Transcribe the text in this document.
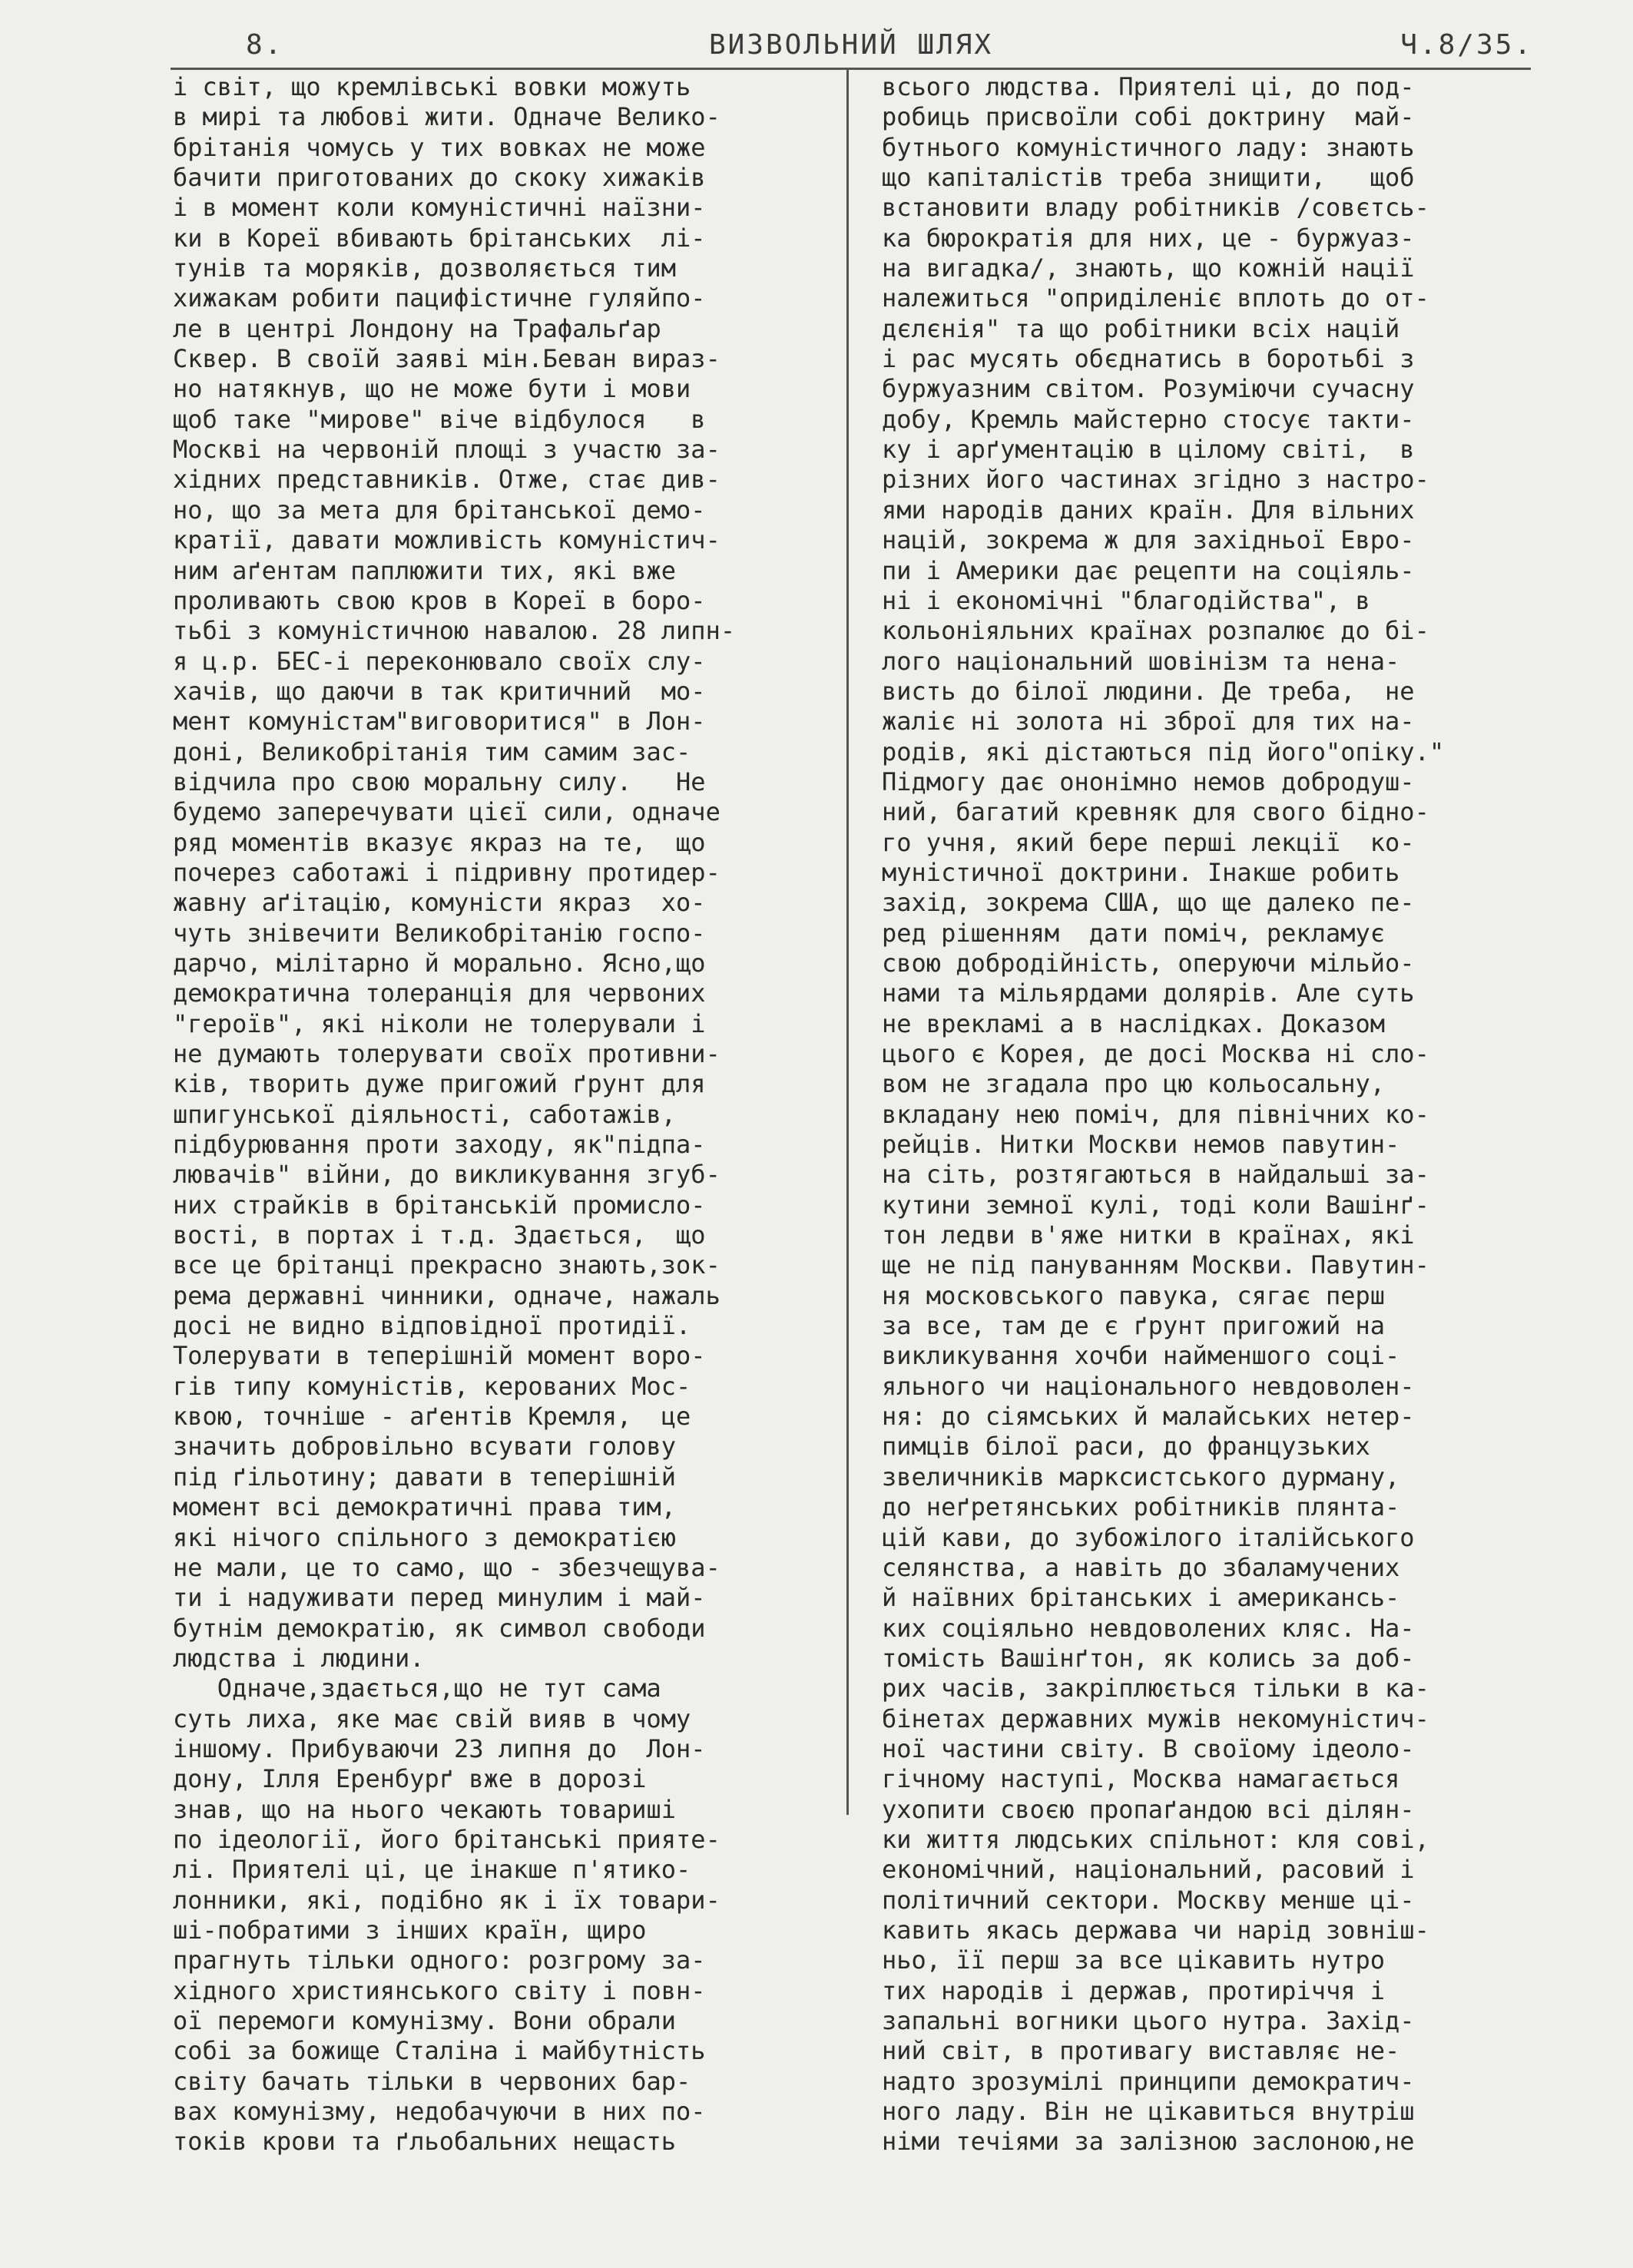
8.	ВИЗВОЛЬНИЙ ШЛЯХ	Ч.8/35.
і світ, що кремлівські вовки можуть
в мирі та любові жити. Одначе Велико-
брітанія чомусь у тих вовках не може
бачити приготованих до скоку хижаків
і в момент коли комуністичні наїзни-
ки в Кореї вбивають брітанських  лі-
тунів та моряків, дозволяється тим
хижакам робити пацифістичне гуляйпо-
ле в центрі Лондону на Трафальґар
Сквер. В своїй заяві мін.Беван вираз-
но натякнув, що не може бути і мови
щоб таке "мирове" віче відбулося   в
Москві на червоній площі з участю за-
хідних представників. Отже, стає див-
но, що за мета для брітанської демо-
кратії, давати можливість комуністич-
ним аґентам паплюжити тих, які вже
проливають свою кров в Кореї в боро-
тьбі з комуністичною навалою. 28 липн-
я ц.р. БЕС-і переконювало своїх слу-
хачів, що даючи в так критичний  мо-
мент комуністам"виговоритися" в Лон-
доні, Великобрітанія тим самим зас-
відчила про свою моральну силу.   Не
будемо заперечувати цієї сили, одначе
ряд моментів вказує якраз на те,  що
почерез саботажі і підривну протидер-
жавну аґітацію, комуністи якраз  хо-
чуть знівечити Великобрітанію госпо-
дарчо, мілітарно й морально. Ясно,що
демократична толеранція для червоних
"героїв", які ніколи не толерували і
не думають толерувати своїх противни-
ків, творить дуже пригожий ґрунт для
шпигунської діяльності, саботажів,
підбурювання проти заходу, як"підпа-
лювачів" війни, до викликування згуб-
них страйків в брітанській промисло-
вості, в портах і т.д. Здається,  що
все це брітанці прекрасно знають,зок-
рема державні чинники, одначе, нажаль
досі не видно відповідної протидії.
Толерувати в теперішній момент воро-
гів типу комуністів, керованих Мос-
квою, точніше - аґентів Кремля,  це
значить добровільно всувати голову
під ґільотину; давати в теперішній
момент всі демократичні права тим,
які нічого спільного з демократією
не мали, це то само, що - збезчещува-
ти і надуживати перед минулим і май-
бутнім демократію, як символ свободи
людства і людини.
Одначе,здається,що не тут сама
суть лиха, яке має свій вияв в чому
іншому. Прибуваючи 23 липня до  Лон-
дону, Ілля Еренбурґ вже в дорозі
знав, що на нього чекають товариші
по ідеології, його брітанські прияте-
лі. Приятелі ці, це інакше п'ятико-
лонники, які, подібно як і їх товари-
ші-побратими з інших країн, щиро
прагнуть тільки одного: розгрому за-
хідного християнського світу і повн-
ої перемоги комунізму. Вони обрали
собі за божище Сталіна і майбутність
світу бачать тільки в червоних бар-
вах комунізму, недобачуючи в них по-
токів крови та ґльобальних нещасть
всього людства. Приятелі ці, до под-
робиць присвоїли собі доктрину  май-
бутнього комуністичного ладу: знають
що капіталістів треба знищити,   щоб
встановити владу робітників /совєтсь-
ка бюрократія для них, це - буржуаз-
на вигадка/, знають, що кожній нації
належиться "оприділеніє вплоть до от-
дєлєнія" та що робітники всіх націй
і рас мусять обєднатись в боротьбі з
буржуазним світом. Розуміючи сучасну
добу, Кремль майстерно стосує такти-
ку і арґументацію в цілому світі,  в
різних його частинах згідно з настро-
ями народів даних країн. Для вільних
націй, зокрема ж для західньої Евро-
пи і Америки дає рецепти на соціяль-
ні і економічні "благодійства", в
кольоніяльних країнах розпалює до бі-
лого національний шовінізм та нена-
висть до білої людини. Де треба,  не
жаліє ні золота ні зброї для тих на-
родів, які дістаються під його"опіку."
Підмогу дає ононімно немов добродуш-
ний, багатий кревняк для свого бідно-
го учня, який бере перші лекції  ко-
муністичної доктрини. Інакше робить
захід, зокрема США, що ще далеко пе-
ред рішенням  дати поміч, рекламує
свою добродійність, оперуючи мільйо-
нами та мільярдами долярів. Але суть
не врекламі а в наслідках. Доказом
цього є Корея, де досі Москва ні сло-
вом не згадала про цю кольосальну,
вкладану нею поміч, для північних ко-
рейців. Нитки Москви немов павутин-
на сіть, розтягаються в найдальші за-
кутини земної кулі, тоді коли Вашінґ-
тон ледви в'яже нитки в країнах, які
ще не під пануванням Москви. Павутин-
ня московського павука, сягає перш
за все, там де є ґрунт пригожий на
викликування хочби найменшого соці-
яльного чи національного невдоволен-
ня: до сіямських й малайських нетер-
пимців білої раси, до французьких
звеличників марксистського дурману,
до неґретянських робітників плянта-
цій кави, до зубожілого італійського
селянства, а навіть до збаламучених
й наївних брітанських і американсь-
ких соціяльно невдоволених кляс. На-
томість Вашінґтон, як колись за доб-
рих часів, закріплюється тільки в ка-
бінетах державних мужів некомуністич-
ної частини світу. В своїому ідеоло-
гічному наступі, Москва намагається
ухопити своєю пропаґандою всі ділян-
ки життя людських спільнот: кля сові,
економічний, національний, расовий і
політичний сектори. Москву менше ці-
кавить якась держава чи нарід зовніш-
ньо, її перш за все цікавить нутро
тих народів і держав, протиріччя і
запальні вогники цього нутра. Захід-
ний світ, в противагу виставляє не-
надто зрозумілі принципи демократич-
ного ладу. Він не цікавиться внутріш
німи течіями за залізною заслоною,не
